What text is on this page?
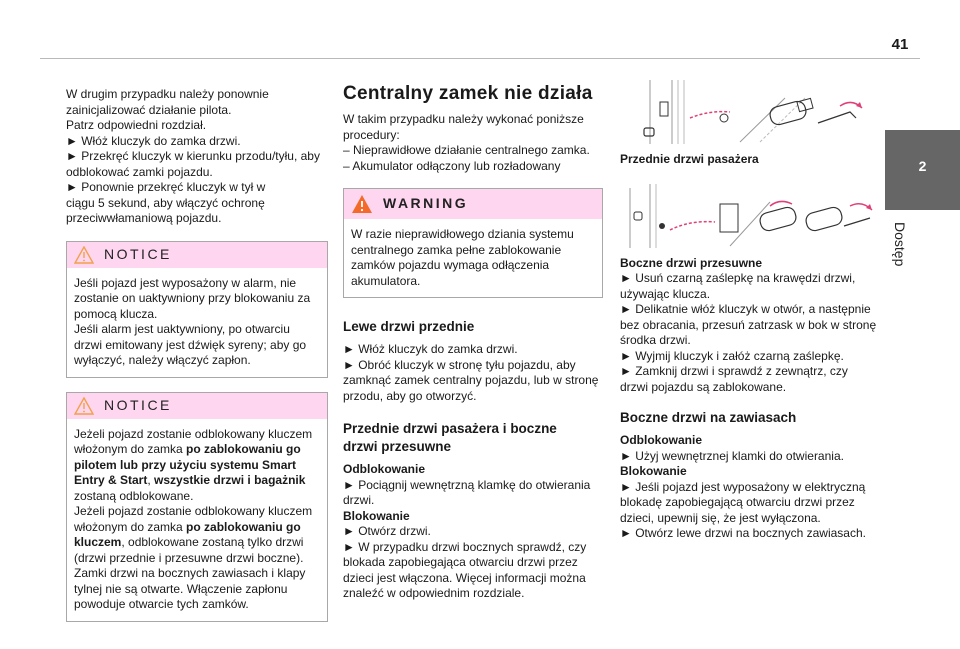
41
2
Dostęp
W drugim przypadku należy ponownie
zainicjalizować działanie pilota.
Patrz odpowiedni rozdział.
► Włóż kluczyk do zamka drzwi.
► Przekręć kluczyk w kierunku przodu/tyłu, aby
odblokować zamki pojazdu.
► Ponownie przekręć kluczyk w tył w
ciągu 5 sekund, aby włączyć ochronę
przeciwwłamaniową pojazdu.
NOTICE
Jeśli pojazd jest wyposażony w alarm, nie
zostanie on uaktywniony przy blokowaniu za
pomocą klucza.
Jeśli alarm jest uaktywniony, po otwarciu
drzwi emitowany jest dźwięk syreny; aby go
wyłączyć, należy włączyć zapłon.
NOTICE
Jeżeli pojazd zostanie odblokowany kluczem
włożonym do zamka po zablokowaniu go
pilotem lub przy użyciu systemu Smart
Entry & Start, wszystkie drzwi i bagażnik
zostaną odblokowane.
Jeżeli pojazd zostanie odblokowany kluczem
włożonym do zamka po zablokowaniu go
kluczem, odblokowane zostaną tylko drzwi
(drzwi przednie i przesuwne drzwi boczne).
Zamki drzwi na bocznych zawiasach i klapy
tylnej nie są otwarte. Włączenie zapłonu
powoduje otwarcie tych zamków.
Centralny zamek nie działa
W takim przypadku należy wykonać poniższe
procedury:
– Nieprawidłowe działanie centralnego zamka.
– Akumulator odłączony lub rozładowany
WARNING
W razie nieprawidłowego dziania systemu
centralnego zamka pełne zablokowanie
zamków pojazdu wymaga odłączenia
akumulatora.
Lewe drzwi przednie
► Włóż kluczyk do zamka drzwi.
► Obróć kluczyk w stronę tyłu pojazdu, aby
zamknąć zamek centralny pojazdu, lub w stronę
przodu, aby go otworzyć.
Przednie drzwi pasażera i boczne
drzwi przesuwne
Odblokowanie
► Pociągnij wewnętrzną klamkę do otwierania
drzwi.
Blokowanie
► Otwórz drzwi.
► W przypadku drzwi bocznych sprawdź, czy
blokada zapobiegająca otwarciu drzwi przez
dzieci jest włączona. Więcej informacji można
znaleźć w odpowiednim rozdziale.
Przednie drzwi pasażera
Boczne drzwi przesuwne
► Usuń czarną zaślepkę na krawędzi drzwi,
używając klucza.
► Delikatnie włóż kluczyk w otwór, a następnie
bez obracania, przesuń zatrzask w bok w stronę
środka drzwi.
► Wyjmij kluczyk i załóż czarną zaślepkę.
► Zamknij drzwi i sprawdź z zewnątrz, czy
drzwi pojazdu są zablokowane.
Boczne drzwi na zawiasach
Odblokowanie
► Użyj wewnętrznej klamki do otwierania.
Blokowanie
► Jeśli pojazd jest wyposażony w elektryczną
blokadę zapobiegającą otwarciu drzwi przez
dzieci, upewnij się, że jest wyłączona.
► Otwórz lewe drzwi na bocznych zawiasach.
